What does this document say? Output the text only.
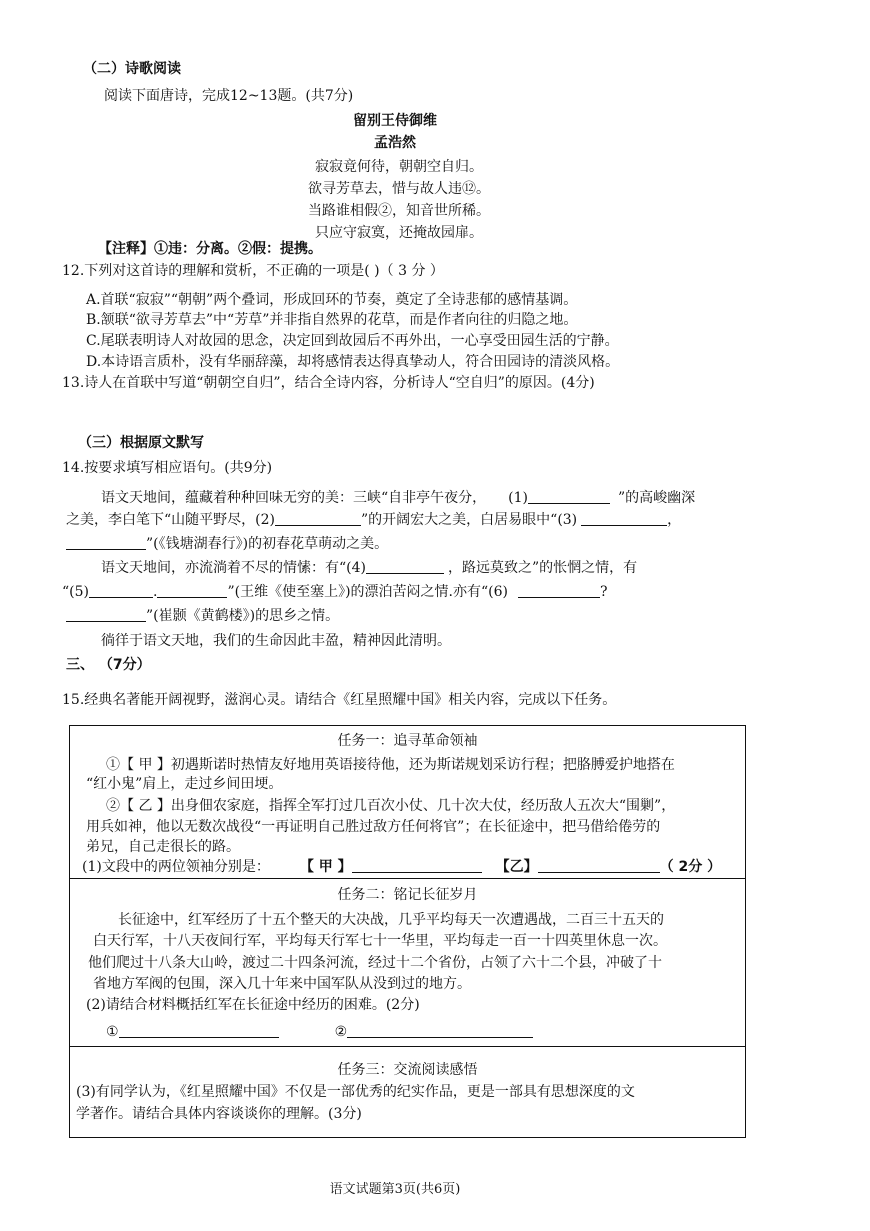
（二）诗歌阅读
阅读下面唐诗，完成12~13题。(共7分)
留别王侍御维
孟浩然
寂寂竟何待，朝朝空自归。
欲寻芳草去，惜与故人违⑫。
当路谁相假②，知音世所稀。
只应守寂寞，还掩故园扉。
【注释】①违：分离。②假：提携。
12.下列对这首诗的理解和赏析，不正确的一项是( )（ 3 分 ）
A.首联“寂寂”“朝朝”两个叠词，形成回环的节奏，奠定了全诗悲郁的感情基调。
B.颔联“欲寻芳草去”中“芳草”并非指自然界的花草，而是作者向往的归隐之地。
C.尾联表明诗人对故园的思念，决定回到故园后不再外出，一心享受田园生活的宁静。
D.本诗语言质朴，没有华丽辞藻，却将感情表达得真挚动人，符合田园诗的清淡风格。
13.诗人在首联中写道“朝朝空自归”，结合全诗内容，分析诗人“空自归”的原因。(4分)
（三）根据原文默写
14.按要求填写相应语句。(共9分)
语文天地间，蕴藏着种种回味无穷的美：三峡“自非亭午夜分， (1)	”的高峻幽深
之美，李白笔下“山随平野尽，(2)	”的开阔宏大之美，白居易眼中“(3)	，
”(《钱塘湖春行》)的初春花草萌动之美。
语文天地间，亦流淌着不尽的情愫：有“(4)	，路远莫致之”的怅惘之情，有
“(5)	.	”(王维《使至塞上》)的漂泊苦闷之情.亦有“(6)	?
”(崔颢《黄鹤楼》)的思乡之情。
徜徉于语文天地，我们的生命因此丰盈，精神因此清明。
三、 （7分）
15.经典名著能开阔视野，滋润心灵。请结合《红星照耀中国》相关内容，完成以下任务。
任务一：追寻革命领袖
①【 甲 】初遇斯诺时热情友好地用英语接待他，还为斯诺规划采访行程；把胳膊爱护地搭在
“红小鬼”肩上，走过乡间田埂。
②【 乙 】出身佃农家庭，指挥全军打过几百次小仗、几十次大仗，经历敌人五次大“围剿”，
用兵如神，他以无数次战役“一再证明自己胜过敌方任何将官”；在长征途中，把马借给倦劳的
弟兄，自己走很长的路。
(1)文段中的两位领袖分别是： 【 甲 】	【乙】	（ 2分 ）
任务二：铭记长征岁月
长征途中，红军经历了十五个整天的大决战，几乎平均每天一次遭遇战，二百三十五天的
白天行军，十八天夜间行军，平均每天行军七十一华里，平均每走一百一十四英里休息一次。
他们爬过十八条大山岭，渡过二十四条河流，经过十二个省份，占领了六十二个县，冲破了十
省地方军阀的包围，深入几十年来中国军队从没到过的地方。
(2)请结合材料概括红军在长征途中经历的困难。(2分)
①	②
任务三：交流阅读感悟
(3)有同学认为，《红星照耀中国》不仅是一部优秀的纪实作品，更是一部具有思想深度的文
学著作。请结合具体内容谈谈你的理解。(3分)
语文试题第3页(共6页)
